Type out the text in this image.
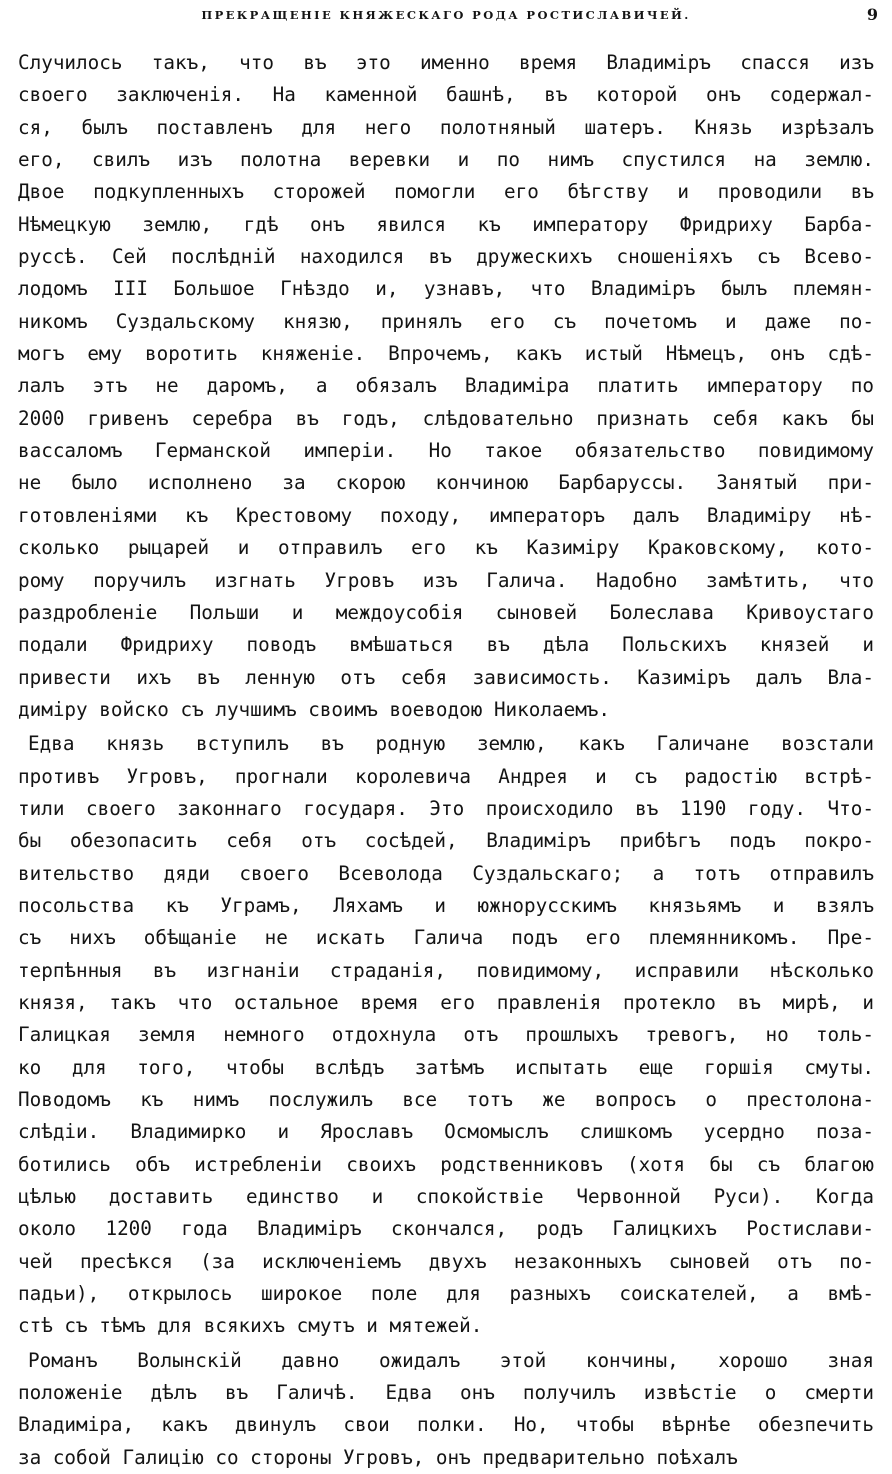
ПРЕКРАЩЕНІЕ КНЯЖЕСКАГО РОДА РОСТИСЛАВИЧЕЙ.	9

Случилось такъ, что въ это именно время Владиміръ спасся изъ
своего заключенія. На каменной башнѣ, въ которой онъ содержал-
ся, былъ поставленъ для него полотняный шатеръ. Князь изрѣзалъ
его, свилъ изъ полотна веревки и по нимъ спустился на землю.
Двое подкупленныхъ сторожей помогли его бѣгству и проводили въ
Нѣмецкую землю, гдѣ онъ явился къ императору Фридриху Барба-
руссѣ. Сей послѣдній находился въ дружескихъ сношеніяхъ съ Всево-
лодомъ III Большое Гнѣздо и, узнавъ, что Владиміръ былъ племян-
никомъ Суздальскому князю, принялъ его съ почетомъ и даже по-
могъ ему воротить княженіе. Впрочемъ, какъ истый Нѣмецъ, онъ сдѣ-
лалъ этъ не даромъ, а обязалъ Владиміра платить императору по
2000 гривенъ серебра въ годъ, слѣдовательно признать себя какъ бы
вассаломъ Германской имперіи. Но такое обязательство повидимому
не было исполнено за скорою кончиною Барбаруссы. Занятый при-
готовленіями къ Крестовому походу, императоръ далъ Владиміру нѣ-
сколько рыцарей и отправилъ его къ Казиміру Краковскому, кото-
рому поручилъ изгнать Угровъ изъ Галича. Надобно замѣтить, что
раздробленіе Польши и междоусобія сыновей Болеслава Кривоустаго
подали Фридриху поводъ вмѣшаться въ дѣла Польскихъ князей и
привести ихъ въ ленную отъ себя зависимость. Казиміръ далъ Вла-
диміру войско съ лучшимъ своимъ воеводою Николаемъ.

Едва князь вступилъ въ родную землю, какъ Галичане возстали
противъ Угровъ, прогнали королевича Андрея и съ радостію встрѣ-
тили своего законнаго государя. Это происходило въ 1190 году. Что-
бы обезопасить себя отъ сосѣдей, Владиміръ прибѣгъ подъ покро-
вительство дяди своего Всеволода Суздальскаго; а тотъ отправилъ
посольства къ Уграмъ, Ляхамъ и южнорусскимъ князьямъ и взялъ
съ нихъ обѣщаніе не искать Галича подъ его племянникомъ. Пре-
терпѣнныя въ изгнаніи страданія, повидимому, исправили нѣсколько
князя, такъ что остальное время его правленія протекло въ мирѣ, и
Галицкая земля немного отдохнула отъ прошлыхъ тревогъ, но толь-
ко для того, чтобы вслѣдъ затѣмъ испытать еще горшія смуты.
Поводомъ къ нимъ послужилъ все тотъ же вопросъ о престолона-
слѣдіи. Владимирко и Ярославъ Осмомыслъ слишкомъ усердно поза-
ботились объ истребленіи своихъ родственниковъ (хотя бы съ благою
цѣлью доставить единство и спокойствіе Червонной Руси). Когда
около 1200 года Владиміръ скончался, родъ Галицкихъ Ростислави-
чей пресѣкся (за исключеніемъ двухъ незаконныхъ сыновей отъ по-
падьи), открылось широкое поле для разныхъ соискателей, а вмѣ-
стѣ съ тѣмъ для всякихъ смутъ и мятежей.

Романъ Волынскій давно ожидалъ этой кончины, хорошо зная
положеніе дѣлъ въ Галичѣ. Едва онъ получилъ извѣстіе о смерти
Владиміра, какъ двинулъ свои полки. Но, чтобы вѣрнѣе обезпечить
за собой Галицію со стороны Угровъ, онъ предварительно поѣхалъ
